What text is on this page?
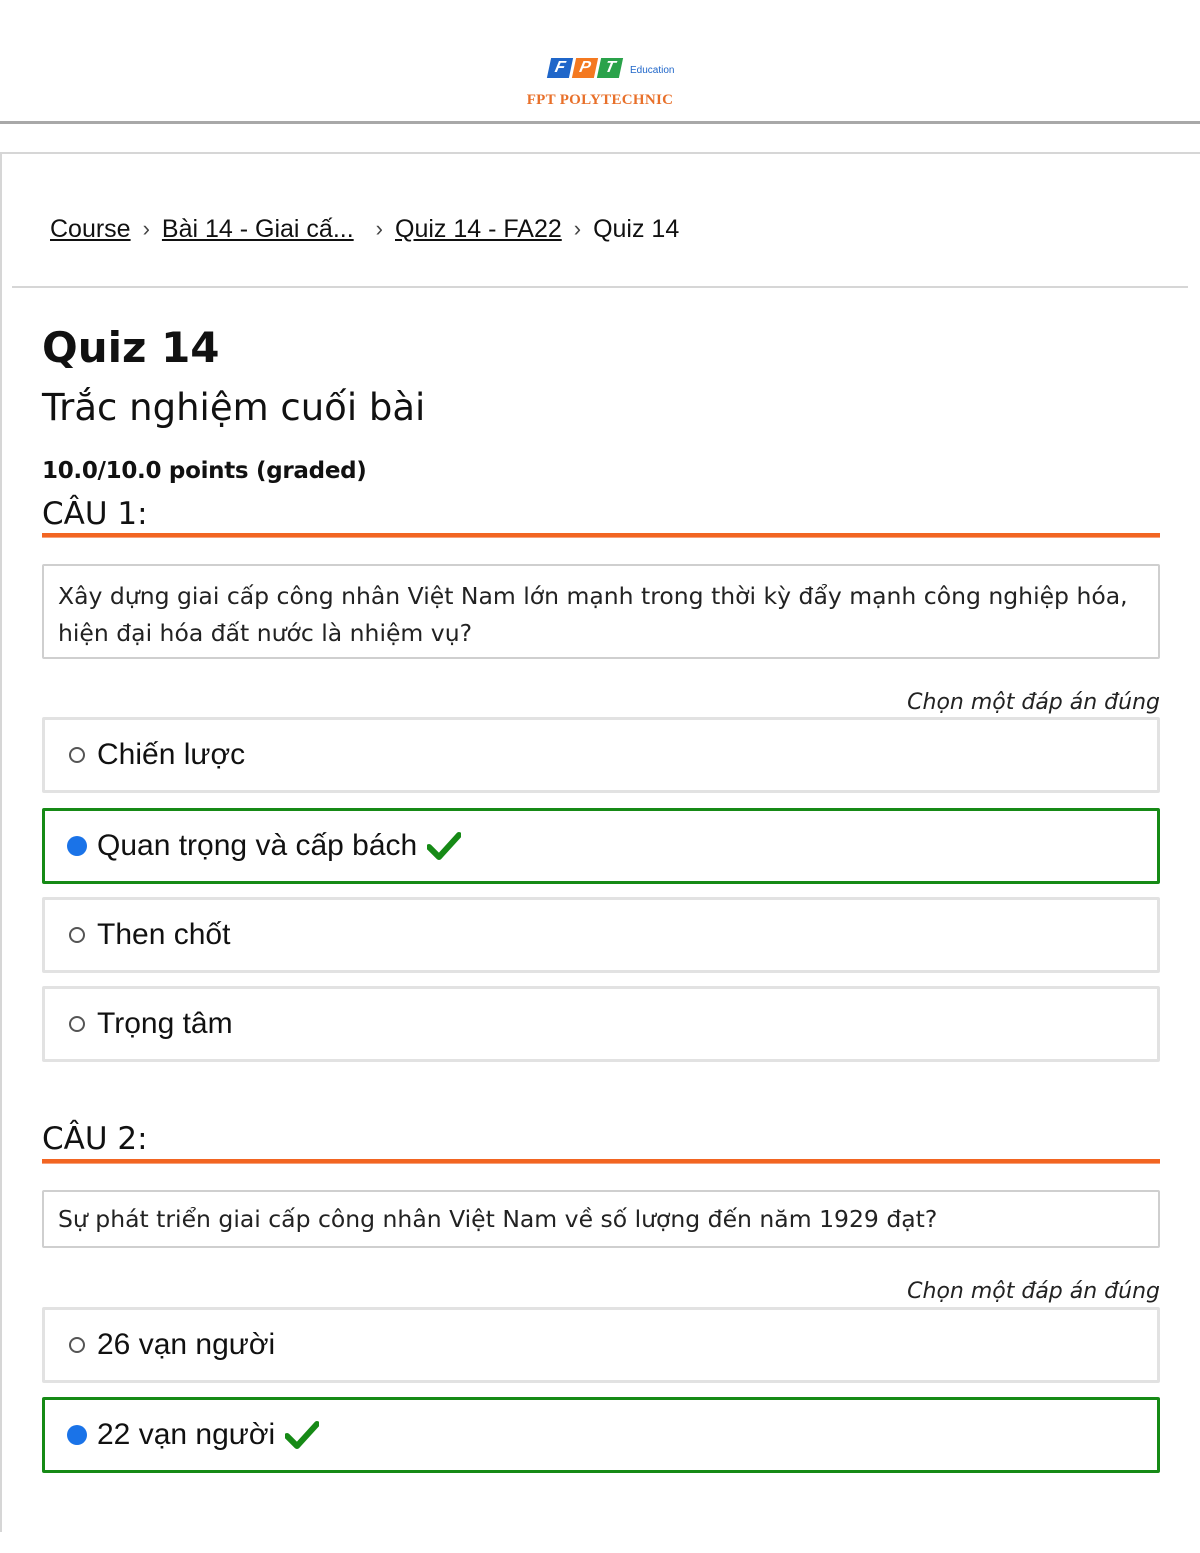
F P T	Education
FPT POLYTECHNIC
Course › Bài 14 - Giai cấ... › Quiz 14 - FA22 › Quiz 14
Quiz 14
Trắc nghiệm cuối bài
10.0/10.0 points (graded)
CÂU 1:
Xây dựng giai cấp công nhân Việt Nam lớn mạnh trong thời kỳ đẩy mạnh công nghiệp hóa, hiện đại hóa đất nước là nhiệm vụ?
Chọn một đáp án đúng
Chiến lược
Quan trọng và cấp bách
Then chốt
Trọng tâm
CÂU 2:
Sự phát triển giai cấp công nhân Việt Nam về số lượng đến năm 1929 đạt?
Chọn một đáp án đúng
26 vạn người
22 vạn người
